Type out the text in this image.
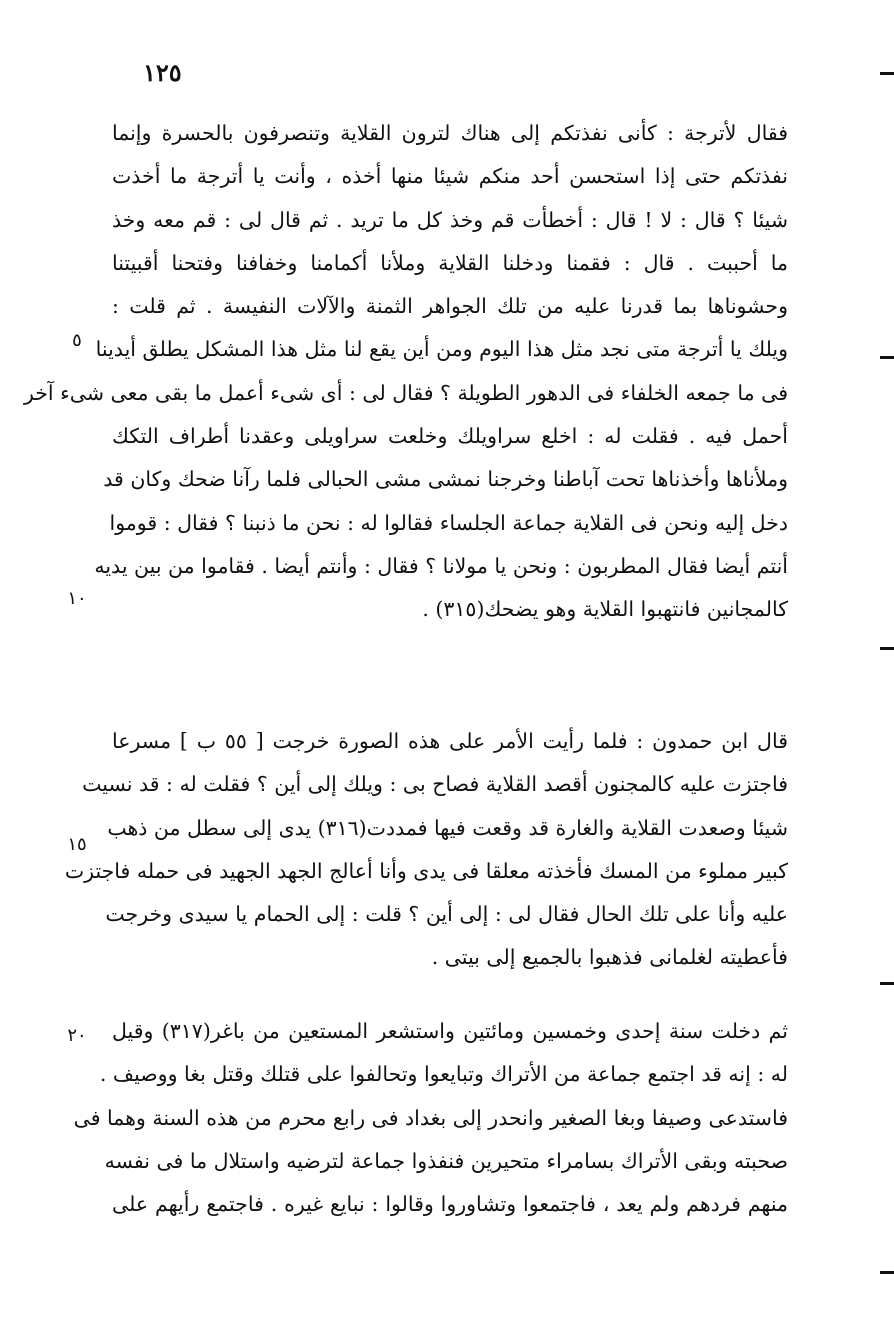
١٢٥
فقال لأترجة : كأنى نفذتكم إلى هناك لترون القلاية وتنصرفون بالحسرة وإنما
نفذتكم حتى إذا استحسن أحد منكم شيئا منها أخذه ، وأنت يا أترجة ما أخذت
شيئا ؟ قال : لا ! قال : أخطأت قم وخذ كل ما تريد . ثم قال لى : قم معه وخذ
ما أحببت . قال : فقمنا ودخلنا القلاية وملأنا أكمامنا وخفافنا وفتحنا أقبيتنا
وحشوناها بما قدرنا عليه من تلك الجواهر الثمنة والآلات النفيسة . ثم قلت :
ويلك يا أترجة متى نجد مثل هذا اليوم ومن أين يقع لنا مثل هذا المشكل يطلق أيدينا
فى ما جمعه الخلفاء فى الدهور الطويلة ؟ فقال لى : أى شىء أعمل ما بقى معى شىء آخر
أحمل فيه . فقلت له : اخلع سراويلك وخلعت سراويلى وعقدنا أطراف التكك
وملأناها وأخذناها تحت آباطنا وخرجنا نمشى مشى الحبالى فلما رآنا ضحك وكان قد
دخل إليه ونحن فى القلاية جماعة الجلساء فقالوا له : نحن ما ذنبنا ؟ فقال : قوموا
أنتم أيضا فقال المطربون : ونحن يا مولانا ؟ فقال : وأنتم أيضا . فقاموا من بين يديه
كالمجانين فانتهبوا القلاية وهو يضحك(٣١٥) .
قال ابن حمدون : فلما رأيت الأمر على هذه الصورة خرجت [ ٥٥ ب ] مسرعا
فاجتزت عليه كالمجنون أقصد القلاية فصاح بى : ويلك إلى أين ؟ فقلت له : قد نسيت
شيئا وصعدت القلاية والغارة قد وقعت فيها فمددت(٣١٦) يدى إلى سطل من ذهب
كبير مملوء من المسك فأخذته معلقا فى يدى وأنا أعالج الجهد الجهيد فى حمله فاجتزت
عليه وأنا على تلك الحال فقال لى : إلى أين ؟ قلت : إلى الحمام يا سيدى وخرجت
فأعطيته لغلمانى فذهبوا بالجميع إلى بيتى .
ثم دخلت سنة إحدى وخمسين ومائتين واستشعر المستعين من باغر(٣١٧) وقيل
له : إنه قد اجتمع جماعة من الأتراك وتبايعوا وتحالفوا على قتلك وقتل بغا ووصيف .
فاستدعى وصيفا وبغا الصغير وانحدر إلى بغداد فى رابع محرم من هذه السنة وهما فى
صحبته وبقى الأتراك بسامراء متحيرين فنفذوا جماعة لترضيه واستلال ما فى نفسه
منهم فردهم ولم يعد ، فاجتمعوا وتشاوروا وقالوا : نبايع غيره . فاجتمع رأيهم على
٥
١٠
١٥
٢٠
